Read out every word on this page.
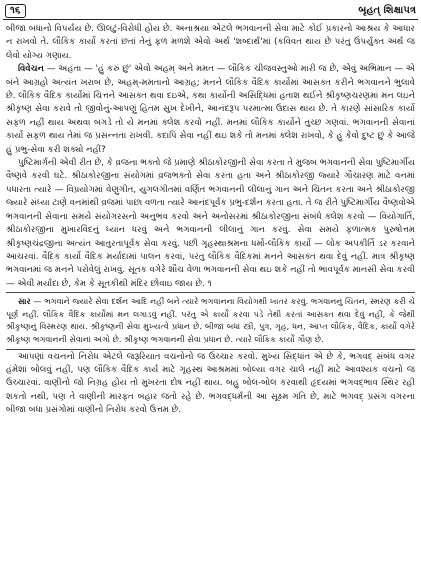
૧૬	બૃહત્ શિક્ષાપત્ર

બીજા બધાનો વિપર્યય છે. ઊલટું-વિરોધી હોય છે. અનાશ્રયા એટલે ભગવાનની સેવા માટે કોઈ પ્રકારનો આશ્રય કે આધાર ન રાખવો તે. લૌકિક કાર્યો કરતાં છતાં તેનું ફળ મળશે એવો અર્થ 'શબ્દાર્થ'માં (કવિવત થાય છે પરંતુ ઉપર્યુક્ત અર્થ જ લેવો યોગ્ય ગણાય.

વિવેચન — અહંતા — 'હું કરું છું' એવો અહમ્ અને મમત — લૌકિક ચીજવસ્તુઓ મારી જ છે, એવું અભિમાન — એ બંને આગ્રહો અત્યંત ખરાબ છે, અહમ્-મમતાનો આગ્રહ; મનને લૌકિક વૈદિક કાર્યોમાં આસક્ત કરીને ભગવાનને ભુલાવે છે. લૌકિક વૈદિક કાર્યોમાં ચિત્તને આસક્ત થવા દઇએ, કથા કાર્યોની અસિદ્ધિમાં હતાશ થઈને શ્રીકૃષ્ણચરણમાં મન લઇને શ્રીકૃષ્ણ સેવા કરાવે તો જીવોનું-આપણું હિતમ સુખ દેખીને, આનંદરૂપ પરમાત્મા ઉદાસ થાય છે. તે કારણે સાંસારિક કાર્યો સફળ નહીં થાય અથવા બગડે તો યે મનમાં ક્લેશ કરવો નહીં. મનમાં લૌકિક કાર્યોને તુચ્છ ગણવાં. ભગવાનની સેવાનાં કાર્યો સફળ થાય તેમાં જ પ્રસન્નતા રાખવી. કદાપિ સેવા નહીં થઇ શકે તો મનમાં ક્લેશ રાખવો, કે હું કેવો દુષ્ટ છું કે આજે હું પ્રભુ-સેવા કરી શક્યો નહીં?

પુષ્ટિમાર્ગની એવી રીત છે, કે વ્રજના ભક્તો જે પ્રમાણે શ્રીઠાકોરજીની સેવા કરતા તે મુજબ ભગવાનની સેવા પુષ્ટિમાર્ગીય વૈષ્ણવે કરવી ઘટે. શ્રીઠાકોરજીના સંયોગમાં વ્રજભક્તો સેવા કરતા હતા અને શ્રીઠાકોરજી જ્યારે ગૌચારણ માટે વનમાં પધારતા ત્યારે — વિપ્રયોગમાં વેણુગીત, યુગલગીતમાં વર્ણિત ભગવાનની લીલાનું ગાન અને ચિંતન કરતા અને શ્રીઠાકોરજી જ્યારે સંધ્યા ટાણે વનમાંથી વ્રજમાં પાછા વળતા ત્યારે આનંદપૂર્વક પ્રભુ-દર્શન કરતા હતા. તે જ રીતે પુષ્ટિમાર્ગીય વૈષ્ણવોએ ભગવાનની સેવાના સમયે સંયોગરસનો અનુભવ કરવો અને અનોસરમાં શ્રીઠાકોરજીના સંબંધે ક્લેશ કરવો — વિયોગાર્તિ, શ્રીઠાકોરજીના મુખારવિંદનું ધ્યાન ધરવું અને ભગવાનની લીલાનું ગાન કરવું. સેવા સમયે ફળાત્મક પુરુષોત્તમ શ્રીકૃષ્ણચંદ્રજીના અત્યંત આતુરતાપૂર્વક સેવા કરવું. પછી ગૃહસ્થાશ્રમના ધર્મો-લૌકિક કાર્યો — લોક અપકીર્તિ ડર કરવાને આચરવાં. વૈદિક કાર્યો વૈદિક મર્યાદામાં પાલન કરવાં, પરંતુ લૌકિક વૈદિકમાં મનને આસક્ત થવા દેવું નહીં. માત્ર શ્રીકૃષ્ણ ભગવાનમાં જ મનને પરોવેલું રાખવું. સૂતક વગેરે શૌચ વેળા ભગવાનની સેવા થઇ શકે નહીં તો ભાવપૂર્વક માનસી સેવા કરવી — એવી મર્યાદા છે, કેમ કે સૂતકીથી મંદિર છોવાઇ જાય છે. ૧

સાર — ભગવાને જ્યારે સેવા દર્શન આદિ નહીં બને ત્યારે ભગવાનના વિયોગથી ખાતર કરવું. ભગવાનનું ચિંતન, સ્મરણ કરી ચે પૂર્ણ નહીં. લૌકિક વૈદિક કાર્યોમાં મન લગાડવું નહીં. પરંતુ એ કાર્યો કરવા પડે તેથી કરતાં આસક્ત થવા દેવું નહીં, કે જેથી શ્રીકૃષ્ણનું વિસ્મરણ થાય. શ્રીકૃષ્ણની સેવા મુખ્યત્વે પ્રધાન છે. બીજાં બધાં સ્ત્રી, પુત્ર, ગૃહ, ધન, આપ્ત લૌકિક, વૈદિક, કાર્યો વગેરે શ્રીકૃષ્ણ ભગવાનની સેવાનાં અંગો છે. શ્રીકૃષ્ણ ભગવાનની સેવા પ્રધાન છે. ત્યારે લૌકિક કાર્યો ગૌણ છે.

આપણાં વચનનો નિરોધ એટલે જરૂરિયાત વચનોનો જ ઉચ્ચાર કરવો. મુખ્ય સિદ્ધાંત એ છે કે, ભગવદ્ સંબંધ વગર હંમેશાં બોલવું નહીં, પણ લૌકિક વૈદિક કાર્ય માટે ગૃહસ્થ આશ્રમમાં બોલ્યા વગર ચાલે નહીં માટે આવશ્યક વચનો જ ઉચ્ચારવાં. વાણીનો જો નિગ્રહ હોય તો મુખરતા દોષ નહીં થાય. બહુ બોલ-બોલ કરવાથી હૃદયમાં ભગવદ્ભાવ સ્થિર રહી શકતો નથી, પણ તે વાણીની મારફત બહાર જતો રહે છે. ભગવદ્ધર્મની આ સૂક્ષ્મ ગતિ છે, માટે ભગવદ્ પ્રસંગ વગરના બીજા બધા પ્રસંગોમાં વાણીનો નિરોધ કરવો ઉત્તમ છે.
